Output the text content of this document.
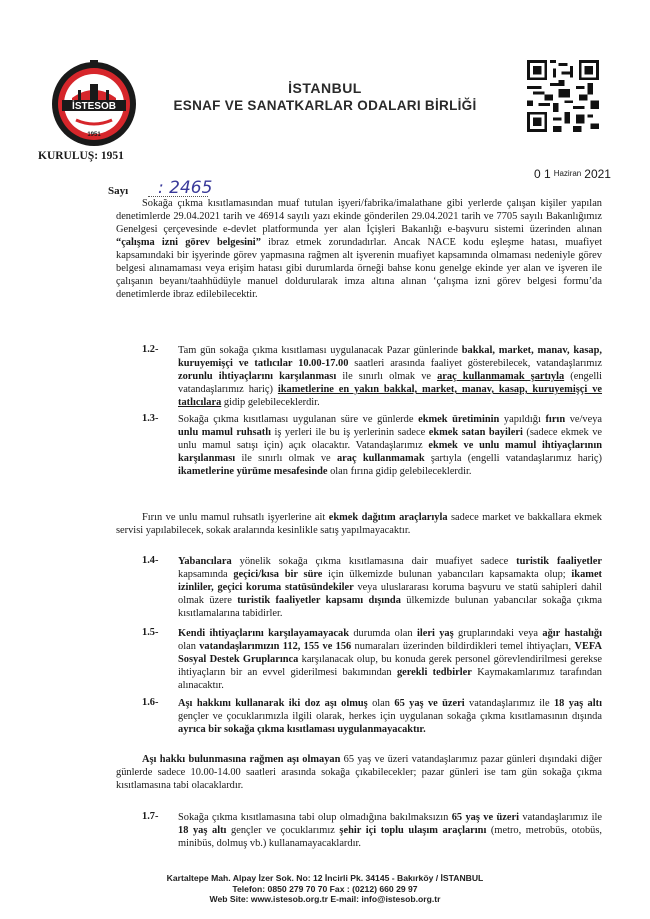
İSTESOB
1951
KURULUŞ: 1951
İSTANBUL
ESNAF VE SANATKARLAR ODALARI BİRLİĞİ
0 1 Haziran 2021
Sayı : 2465
Sokağa çıkma kısıtlamasından muaf tutulan işyeri/fabrika/imalathane gibi yerlerde çalışan kişiler yapılan denetimlerde 29.04.2021 tarih ve 46914 sayılı yazı ekinde gönderilen 29.04.2021 tarih ve 7705 sayılı Bakanlığımız Genelgesi çerçevesinde e-devlet platformunda yer alan İçişleri Bakanlığı e-başvuru sistemi üzerinden alınan “çalışma izni görev belgesini” ibraz etmek zorundadırlar. Ancak NACE kodu eşleşme hatası, muafiyet kapsamındaki bir işyerinde görev yapmasına rağmen alt işverenin muafiyet kapsamında olmaması nedeniyle görev belgesi alınamaması veya erişim hatası gibi durumlarda örneği bahse konu genelge ekinde yer alan ve işveren ile çalışanın beyanı/taahhüdüyle manuel doldurularak imza altına alınan ‘çalışma izni görev belgesi formu’da denetimlerde ibraz edilebilecektir.
1.2- Tam gün sokağa çıkma kısıtlaması uygulanacak Pazar günlerinde bakkal, market, manav, kasap, kuruyemişçi ve tatlıcılar 10.00-17.00 saatleri arasında faaliyet gösterebilecek, vatandaşlarımız zorunlu ihtiyaçlarını karşılanması ile sınırlı olmak ve araç kullanmamak şartıyla (engelli vatandaşlarımız hariç) ikametlerine en yakın bakkal, market, manav, kasap, kuruyemişçi ve tatlıcılara gidip gelebileceklerdir.
1.3- Sokağa çıkma kısıtlaması uygulanan süre ve günlerde ekmek üretiminin yapıldığı fırın ve/veya unlu mamul ruhsatlı iş yerleri ile bu iş yerlerinin sadece ekmek satan bayileri (sadece ekmek ve unlu mamul satışı için) açık olacaktır. Vatandaşlarımız ekmek ve unlu mamul ihtiyaçlarının karşılanması ile sınırlı olmak ve araç kullanmamak şartıyla (engelli vatandaşlarımız hariç) ikametlerine yürüme mesafesinde olan fırına gidip gelebileceklerdir.
Fırın ve unlu mamul ruhsatlı işyerlerine ait ekmek dağıtım araçlarıyla sadece market ve bakkallara ekmek servisi yapılabilecek, sokak aralarında kesinlikle satış yapılmayacaktır.
1.4- Yabancılara yönelik sokağa çıkma kısıtlamasına dair muafiyet sadece turistik faaliyetler kapsamında geçici/kısa bir süre için ülkemizde bulunan yabancıları kapsamakta olup; ikamet izinliler, geçici koruma statüsündekiler veya uluslararası koruma başvuru ve statü sahipleri dahil olmak üzere turistik faaliyetler kapsamı dışında ülkemizde bulunan yabancılar sokağa çıkma kısıtlamalarına tabidirler.
1.5- Kendi ihtiyaçlarını karşılayamayacak durumda olan ileri yaş gruplarındaki veya ağır hastalığı olan vatandaşlarımızın 112, 155 ve 156 numaraları üzerinden bildirdikleri temel ihtiyaçları, VEFA Sosyal Destek Gruplarınca karşılanacak olup, bu konuda gerek personel görevlendirilmesi gerekse ihtiyaçların bir an evvel giderilmesi bakımından gerekli tedbirler Kaymakamlarımız tarafından alınacaktır.
1.6- Aşı hakkını kullanarak iki doz aşı olmuş olan 65 yaş ve üzeri vatandaşlarımız ile 18 yaş altı gençler ve çocuklarımızla ilgili olarak, herkes için uygulanan sokağa çıkma kısıtlamasının dışında ayrıca bir sokağa çıkma kısıtlaması uygulanmayacaktır.
Aşı hakkı bulunmasına rağmen aşı olmayan 65 yaş ve üzeri vatandaşlarımız pazar günleri dışındaki diğer günlerde sadece 10.00-14.00 saatleri arasında sokağa çıkabilecekler; pazar günleri ise tam gün sokağa çıkma kısıtlamasına tabi olacaklardır.
1.7- Sokağa çıkma kısıtlamasına tabi olup olmadığına bakılmaksızın 65 yaş ve üzeri vatandaşlarımız ile 18 yaş altı gençler ve çocuklarımız şehir içi toplu ulaşım araçlarını (metro, metrobüs, otobüs, minibüs, dolmuş vb.) kullanamayacaklardır.
Kartaltepe Mah. Alpay İzer Sok. No: 12 İncirli Pk. 34145 - Bakırköy / İSTANBUL
Telefon: 0850 279 70 70 Fax : (0212) 660 29 97
Web Site: www.istesob.org.tr E-mail: info@istesob.org.tr
